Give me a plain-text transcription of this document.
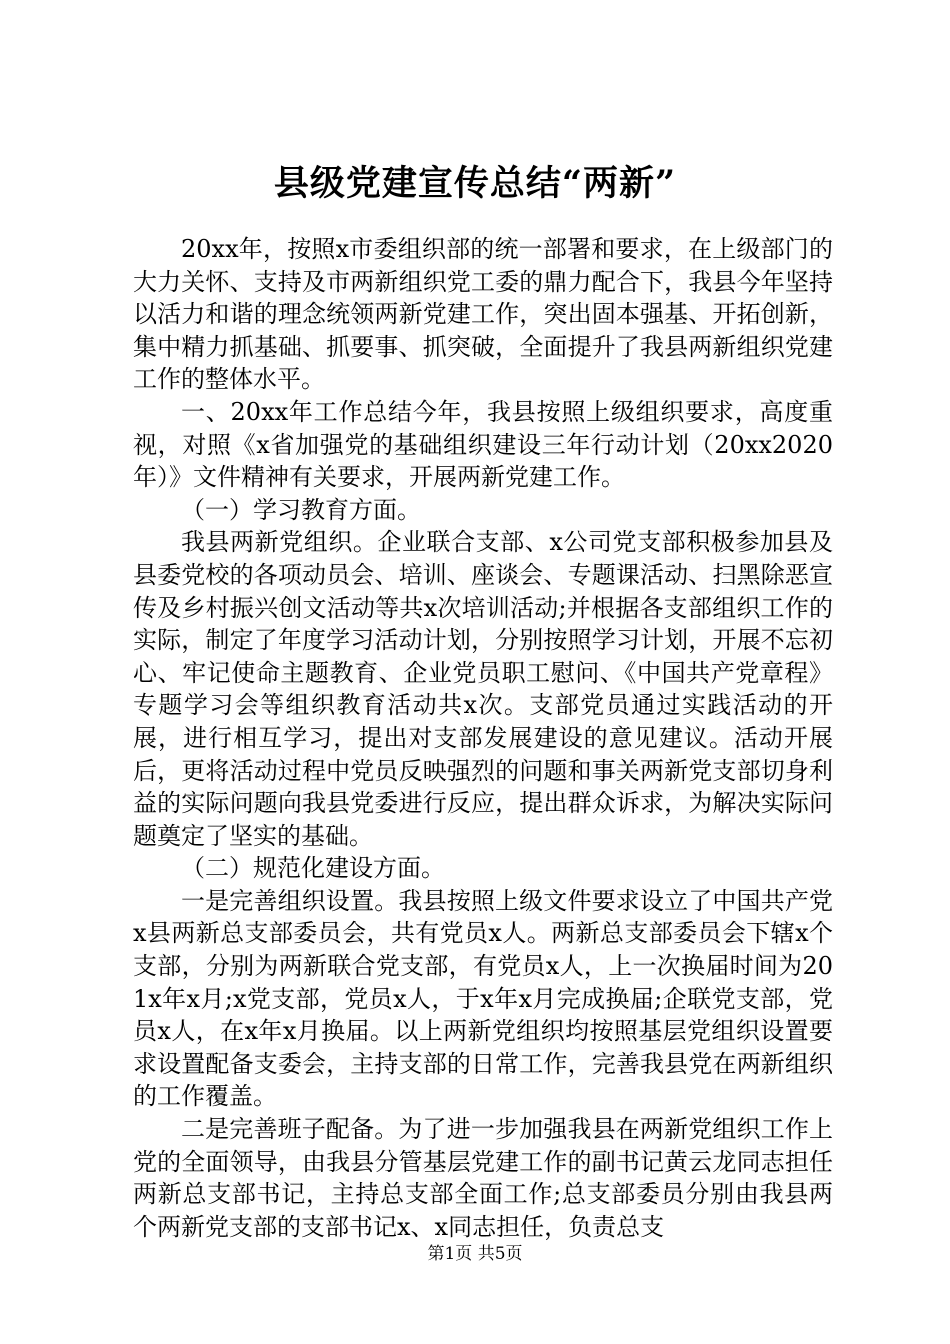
县级党建宣传总结“两新”

20xx年，按照x市委组织部的统一部署和要求，在上级部门的大力关怀、支持及市两新组织党工委的鼎力配合下，我县今年坚持以活力和谐的理念统领两新党建工作，突出固本强基、开拓创新，集中精力抓基础、抓要事、抓突破，全面提升了我县两新组织党建工作的整体水平。

一、20xx年工作总结今年，我县按照上级组织要求，高度重视，对照《x省加强党的基础组织建设三年行动计划（20xx2020年）》文件精神有关要求，开展两新党建工作。

（一）学习教育方面。

我县两新党组织。企业联合支部、x公司党支部积极参加县及县委党校的各项动员会、培训、座谈会、专题课活动、扫黑除恶宣传及乡村振兴创文活动等共x次培训活动;并根据各支部组织工作的实际，制定了年度学习活动计划，分别按照学习计划，开展不忘初心、牢记使命主题教育、企业党员职工慰问、《中国共产党章程》专题学习会等组织教育活动共x次。支部党员通过实践活动的开展，进行相互学习，提出对支部发展建设的意见建议。活动开展后，更将活动过程中党员反映强烈的问题和事关两新党支部切身利益的实际问题向我县党委进行反应，提出群众诉求，为解决实际问题奠定了坚实的基础。

（二）规范化建设方面。

一是完善组织设置。我县按照上级文件要求设立了中国共产党x县两新总支部委员会，共有党员x人。两新总支部委员会下辖x个支部，分别为两新联合党支部，有党员x人，上一次换届时间为201x年x月;x党支部，党员x人，于x年x月完成换届;企联党支部，党员x人，在x年x月换届。以上两新党组织均按照基层党组织设置要求设置配备支委会，主持支部的日常工作，完善我县党在两新组织的工作覆盖。

二是完善班子配备。为了进一步加强我县在两新党组织工作上党的全面领导，由我县分管基层党建工作的副书记黄云龙同志担任两新总支部书记，主持总支部全面工作;总支部委员分别由我县两个两新党支部的支部书记x、x同志担任，负责总支

第1页 共5页
